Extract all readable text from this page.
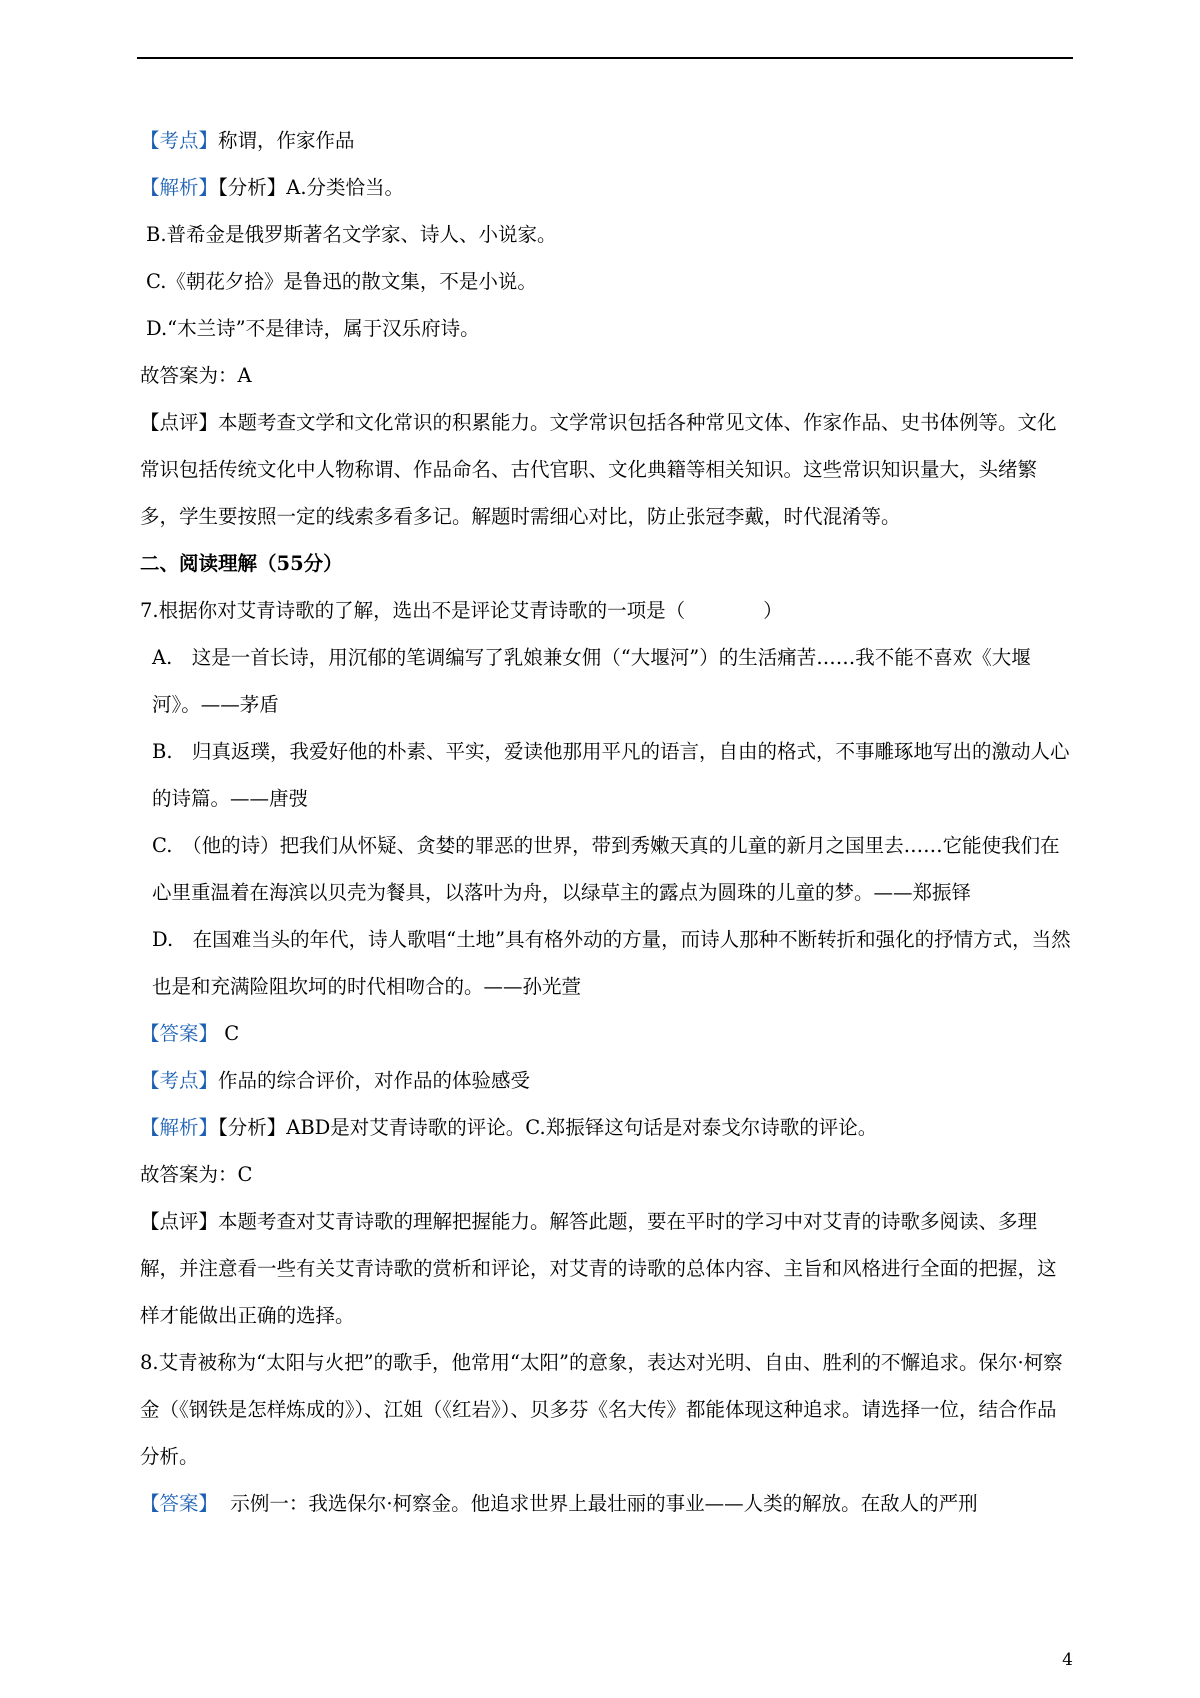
【考点】称谓，作家作品

【解析】【分析】A.分类恰当。

B.普希金是俄罗斯著名文学家、诗人、小说家。

C.《朝花夕拾》是鲁迅的散文集，不是小说。

D.“木兰诗”不是律诗，属于汉乐府诗。

故答案为：A

【点评】本题考查文学和文化常识的积累能力。文学常识包括各种常见文体、作家作品、史书体例等。文化常识包括传统文化中人物称谓、作品命名、古代官职、文化典籍等相关知识。这些常识知识量大，头绪繁多，学生要按照一定的线索多看多记。解题时需细心对比，防止张冠李戴，时代混淆等。

二、阅读理解（55分）

7.根据你对艾青诗歌的了解，选出不是评论艾青诗歌的一项是（　　　　）

A.　这是一首长诗，用沉郁的笔调编写了乳娘兼女佣（“大堰河”）的生活痛苦……我不能不喜欢《大堰河》。——茅盾

B.　归真返璞，我爱好他的朴素、平实，爱读他那用平凡的语言，自由的格式，不事雕琢地写出的激动人心的诗篇。——唐弢

C.　（他的诗）把我们从怀疑、贪婪的罪恶的世界，带到秀嫩天真的儿童的新月之国里去……它能使我们在心里重温着在海滨以贝壳为餐具，以落叶为舟，以绿草主的露点为圆珠的儿童的梦。——郑振铎

D.　在国难当头的年代，诗人歌唱“土地”具有格外动的方量，而诗人那种不断转折和强化的抒情方式，当然也是和充满险阻坎坷的时代相吻合的。——孙光萱

【答案】 C

【考点】作品的综合评价，对作品的体验感受

【解析】【分析】ABD是对艾青诗歌的评论。C.郑振铎这句话是对泰戈尔诗歌的评论。

故答案为：C

【点评】本题考查对艾青诗歌的理解把握能力。解答此题，要在平时的学习中对艾青的诗歌多阅读、多理解，并注意看一些有关艾青诗歌的赏析和评论，对艾青的诗歌的总体内容、主旨和风格进行全面的把握，这样才能做出正确的选择。

8.艾青被称为“太阳与火把”的歌手，他常用“太阳”的意象，表达对光明、自由、胜利的不懈追求。保尔·柯察金（《钢铁是怎样炼成的》）、江姐（《红岩》）、贝多芬《名大传》都能体现这种追求。请选择一位，结合作品分析。

【答案】 示例一：我选保尔·柯察金。他追求世界上最壮丽的事业——人类的解放。在敌人的严刑

4
